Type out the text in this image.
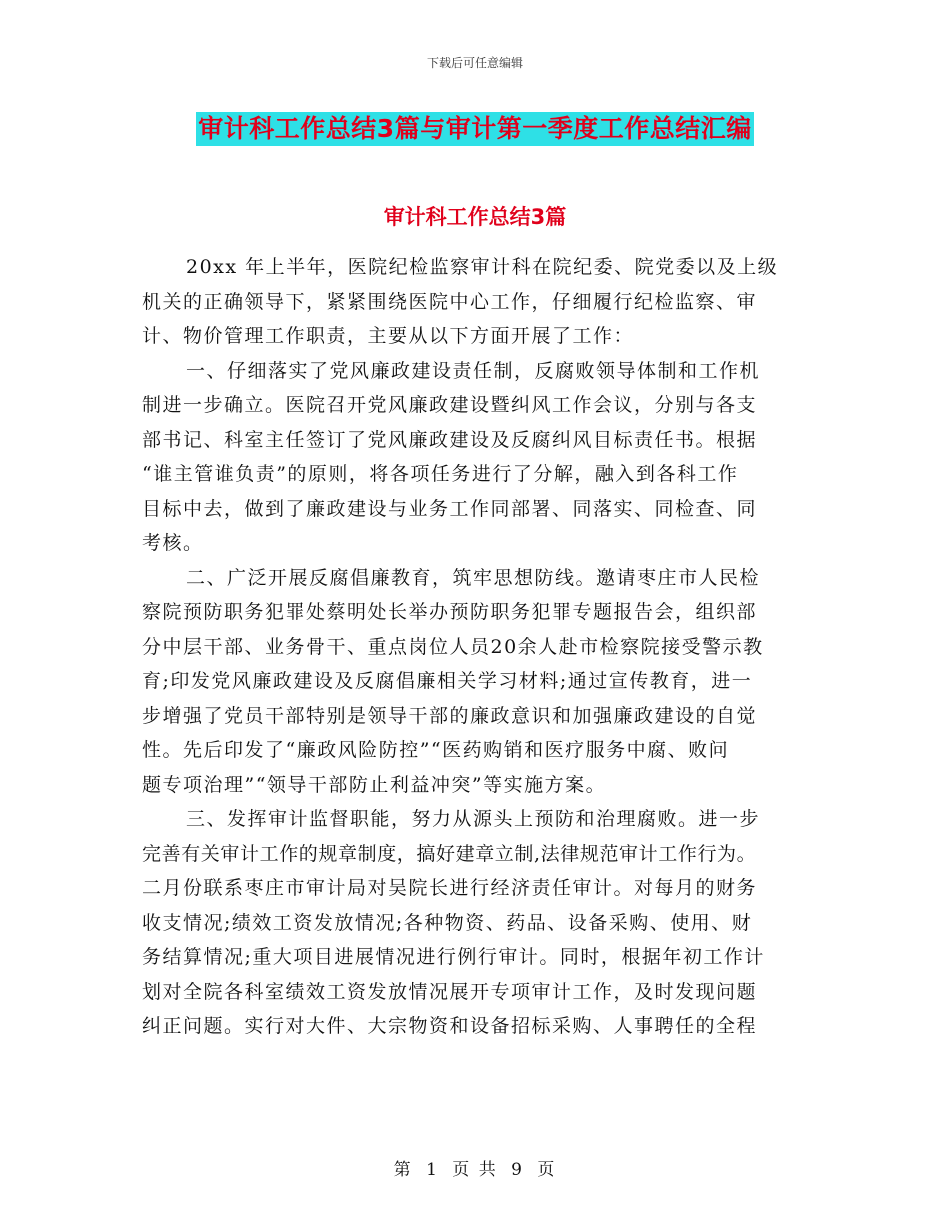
下载后可任意编辑
审计科工作总结3篇与审计第一季度工作总结汇编
审计科工作总结3篇
20xx 年上半年，医院纪检监察审计科在院纪委、院党委以及上级
机关的正确领导下，紧紧围绕医院中心工作，仔细履行纪检监察、审
计、物价管理工作职责，主要从以下方面开展了工作：
一、仔细落实了党风廉政建设责任制，反腐败领导体制和工作机
制进一步确立。医院召开党风廉政建设暨纠风工作会议，分别与各支
部书记、科室主任签订了党风廉政建设及反腐纠风目标责任书。根据
“谁主管谁负责”的原则，将各项任务进行了分解，融入到各科工作
目标中去，做到了廉政建设与业务工作同部署、同落实、同检查、同
考核。
二、广泛开展反腐倡廉教育，筑牢思想防线。邀请枣庄市人民检
察院预防职务犯罪处蔡明处长举办预防职务犯罪专题报告会，组织部
分中层干部、业务骨干、重点岗位人员20余人赴市检察院接受警示教
育;印发党风廉政建设及反腐倡廉相关学习材料;通过宣传教育，进一
步增强了党员干部特别是领导干部的廉政意识和加强廉政建设的自觉
性。先后印发了“廉政风险防控”“医药购销和医疗服务中腐、败问
题专项治理”“领导干部防止利益冲突”等实施方案。
三、发挥审计监督职能，努力从源头上预防和治理腐败。进一步
完善有关审计工作的规章制度，搞好建章立制,法律规范审计工作行为。
二月份联系枣庄市审计局对吴院长进行经济责任审计。对每月的财务
收支情况;绩效工资发放情况;各种物资、药品、设备采购、使用、财
务结算情况;重大项目进展情况进行例行审计。同时，根据年初工作计
划对全院各科室绩效工资发放情况展开专项审计工作，及时发现问题
纠正问题。实行对大件、大宗物资和设备招标采购、人事聘任的全程
第 1 页 共 9 页
